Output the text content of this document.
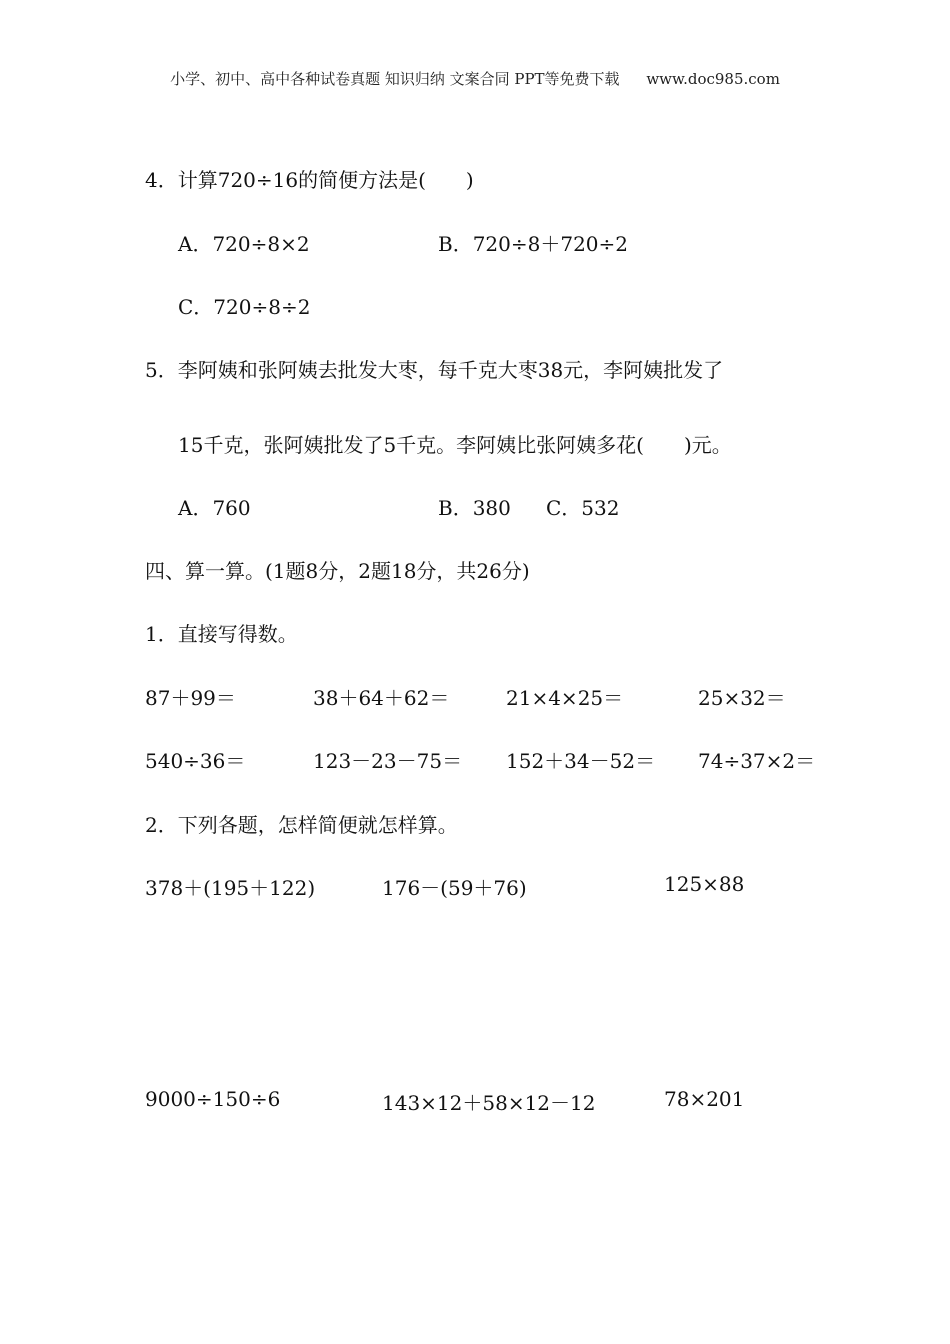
小学、初中、高中各种试卷真题 知识归纳 文案合同 PPT等免费下载 www.doc985.com
4．计算720÷16的简便方法是(　　)
A．720÷8×2	B．720÷8＋720÷2
C．720÷8÷2
5．李阿姨和张阿姨去批发大枣，每千克大枣38元，李阿姨批发了
15千克，张阿姨批发了5千克。李阿姨比张阿姨多花(　　)元。
A．760	B．380 C．532
四、算一算。(1题8分，2题18分，共26分)
1．直接写得数。
87＋99＝	38＋64＋62＝	21×4×25＝	25×32＝
540÷36＝	123－23－75＝ 152＋34－52＝ 74÷37×2＝
2．下列各题，怎样简便就怎样算。
378＋(195＋122)	176－(59＋76)	125×88
9000÷150÷6	143×12＋58×12－12	78×201
